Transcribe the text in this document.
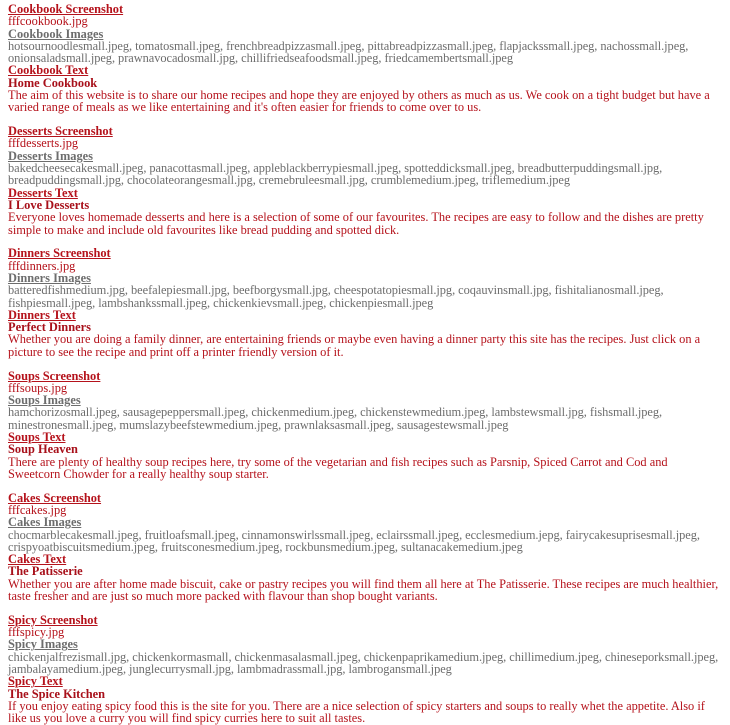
Cookbook Screenshot
fffcookbook.jpg
Cookbook Images
hotsournoodlesmall.jpeg, tomatosmall.jpeg, frenchbreadpizzasmall.jpeg, pittabreadpizzasmall.jpeg, flapjackssmall.jpeg, nachossmall.jpeg, onionsaladsmall.jpeg, prawnavocadosmall.jpg, chillifriedseafoodsmall.jpeg, friedcamembertsmall.jpeg
Cookbook Text
Home Cookbook
The aim of this website is to share our home recipes and hope they are enjoyed by others as much as us. We cook on a tight budget but have a varied range of meals as we like entertaining and it's often easier for friends to come over to us.
Desserts Screenshot
fffdesserts.jpg
Desserts Images
bakedcheesecakesmall.jpeg, panacottasmall.jpeg, appleblackberrypiesmall.jpeg, spotteddicksmall.jpeg, breadbutterpuddingsmall.jpg, breadpuddingsmall.jpg, chocolateorangesmall.jpg, cremebruleesmall.jpg, crumblemedium.jpeg, triflemedium.jpeg
Desserts Text
I Love Desserts
Everyone loves homemade desserts and here is a selection of some of our favourites. The recipes are easy to follow and the dishes are pretty simple to make and include old favourites like bread pudding and spotted dick.
Dinners Screenshot
fffdinners.jpg
Dinners Images
batteredfishmedium.jpg, beefalepiesmall.jpg, beefborgysmall.jpg, cheespotatopiesmall.jpg, coqauvinsmall.jpg, fishitalianosmall.jpeg, fishpiesmall.jpeg, lambshankssmall.jpeg, chickenkievsmall.jpeg, chickenpiesmall.jpeg
Dinners Text
Perfect Dinners
Whether you are doing a family dinner, are entertaining friends or maybe even having a dinner party this site has the recipes. Just click on a picture to see the recipe and print off a printer friendly version of it.
Soups Screenshot
fffsoups.jpg
Soups Images
hamchorizosmall.jpeg, sausagepeppersmall.jpeg, chickenmedium.jpeg, chickenstewmedium.jpeg, lambstewsmall.jpg, fishsmall.jpeg, minestronesmall.jpeg, mumslazybeefstewmedium.jpeg, prawnlaksasmall.jpeg, sausagestewsmall.jpeg
Soups Text
Soup Heaven
There are plenty of healthy soup recipes here, try some of the vegetarian and fish recipes such as Parsnip, Spiced Carrot and Cod and Sweetcorn Chowder for a really healthy soup starter.
Cakes Screenshot
fffcakes.jpg
Cakes Images
chocmarblecakesmall.jpeg, fruitloafsmall.jpeg, cinnamonswirlssmall.jpeg, eclairssmall.jpeg, ecclesmedium.jepg, fairycakesuprisesmall.jpeg, crispyoatbiscuitsmedium.jpeg, fruitsconesmedium.jpeg, rockbunsmedium.jpeg, sultanacakemedium.jpeg
Cakes Text
The Patisserie
Whether you are after home made biscuit, cake or pastry recipes you will find them all here at The Patisserie. These recipes are much healthier, taste fresher and are just so much more packed with flavour than shop bought variants.
Spicy Screenshot
fffspicy.jpg
Spicy Images
chickenjalfrezismall.jpg, chickenkormasmall, chickenmasalasmall.jpeg, chickenpaprikamedium.jpeg, chillimedium.jpeg, chineseporksmall.jpeg, jambalayamedium.jpeg, junglecurrysmall.jpg, lambmadrassmall.jpg, lambrogansmall.jpeg
Spicy Text
The Spice Kitchen
If you enjoy eating spicy food this is the site for you. There are a nice selection of spicy starters and soups to really whet the appetite. Also if like us you love a curry you will find spicy curries here to suit all tastes.
